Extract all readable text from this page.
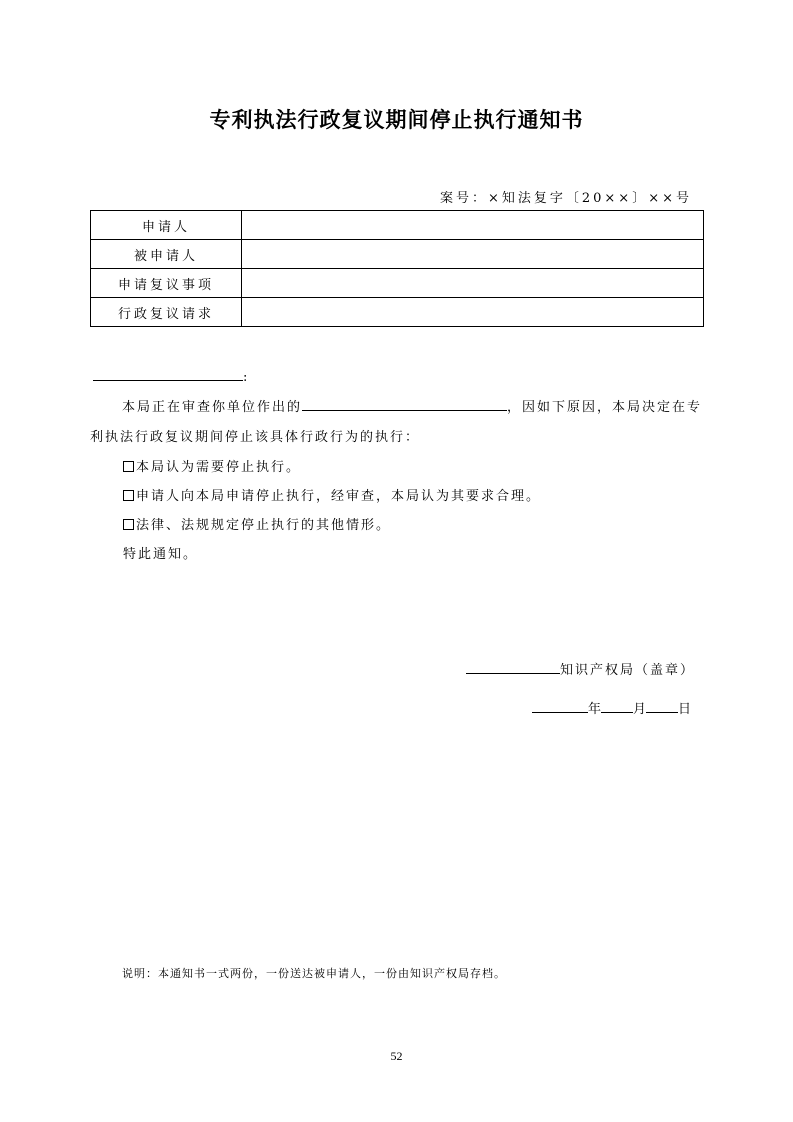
专利执法行政复议期间停止执行通知书
案号：×知法复字〔20××〕××号
申请人	
被申请人	
申请复议事项	
行政复议请求	
:
本局正在审查你单位作出的	，因如下原因，本局决定在专
利执法行政复议期间停止该具体行政行为的执行：
本局认为需要停止执行。
申请人向本局申请停止执行，经审查，本局认为其要求合理。
法律、法规规定停止执行的其他情形。
特此通知。
知识产权局（盖章）
年 月 日
说明：本通知书一式两份，一份送达被申请人，一份由知识产权局存档。
52
